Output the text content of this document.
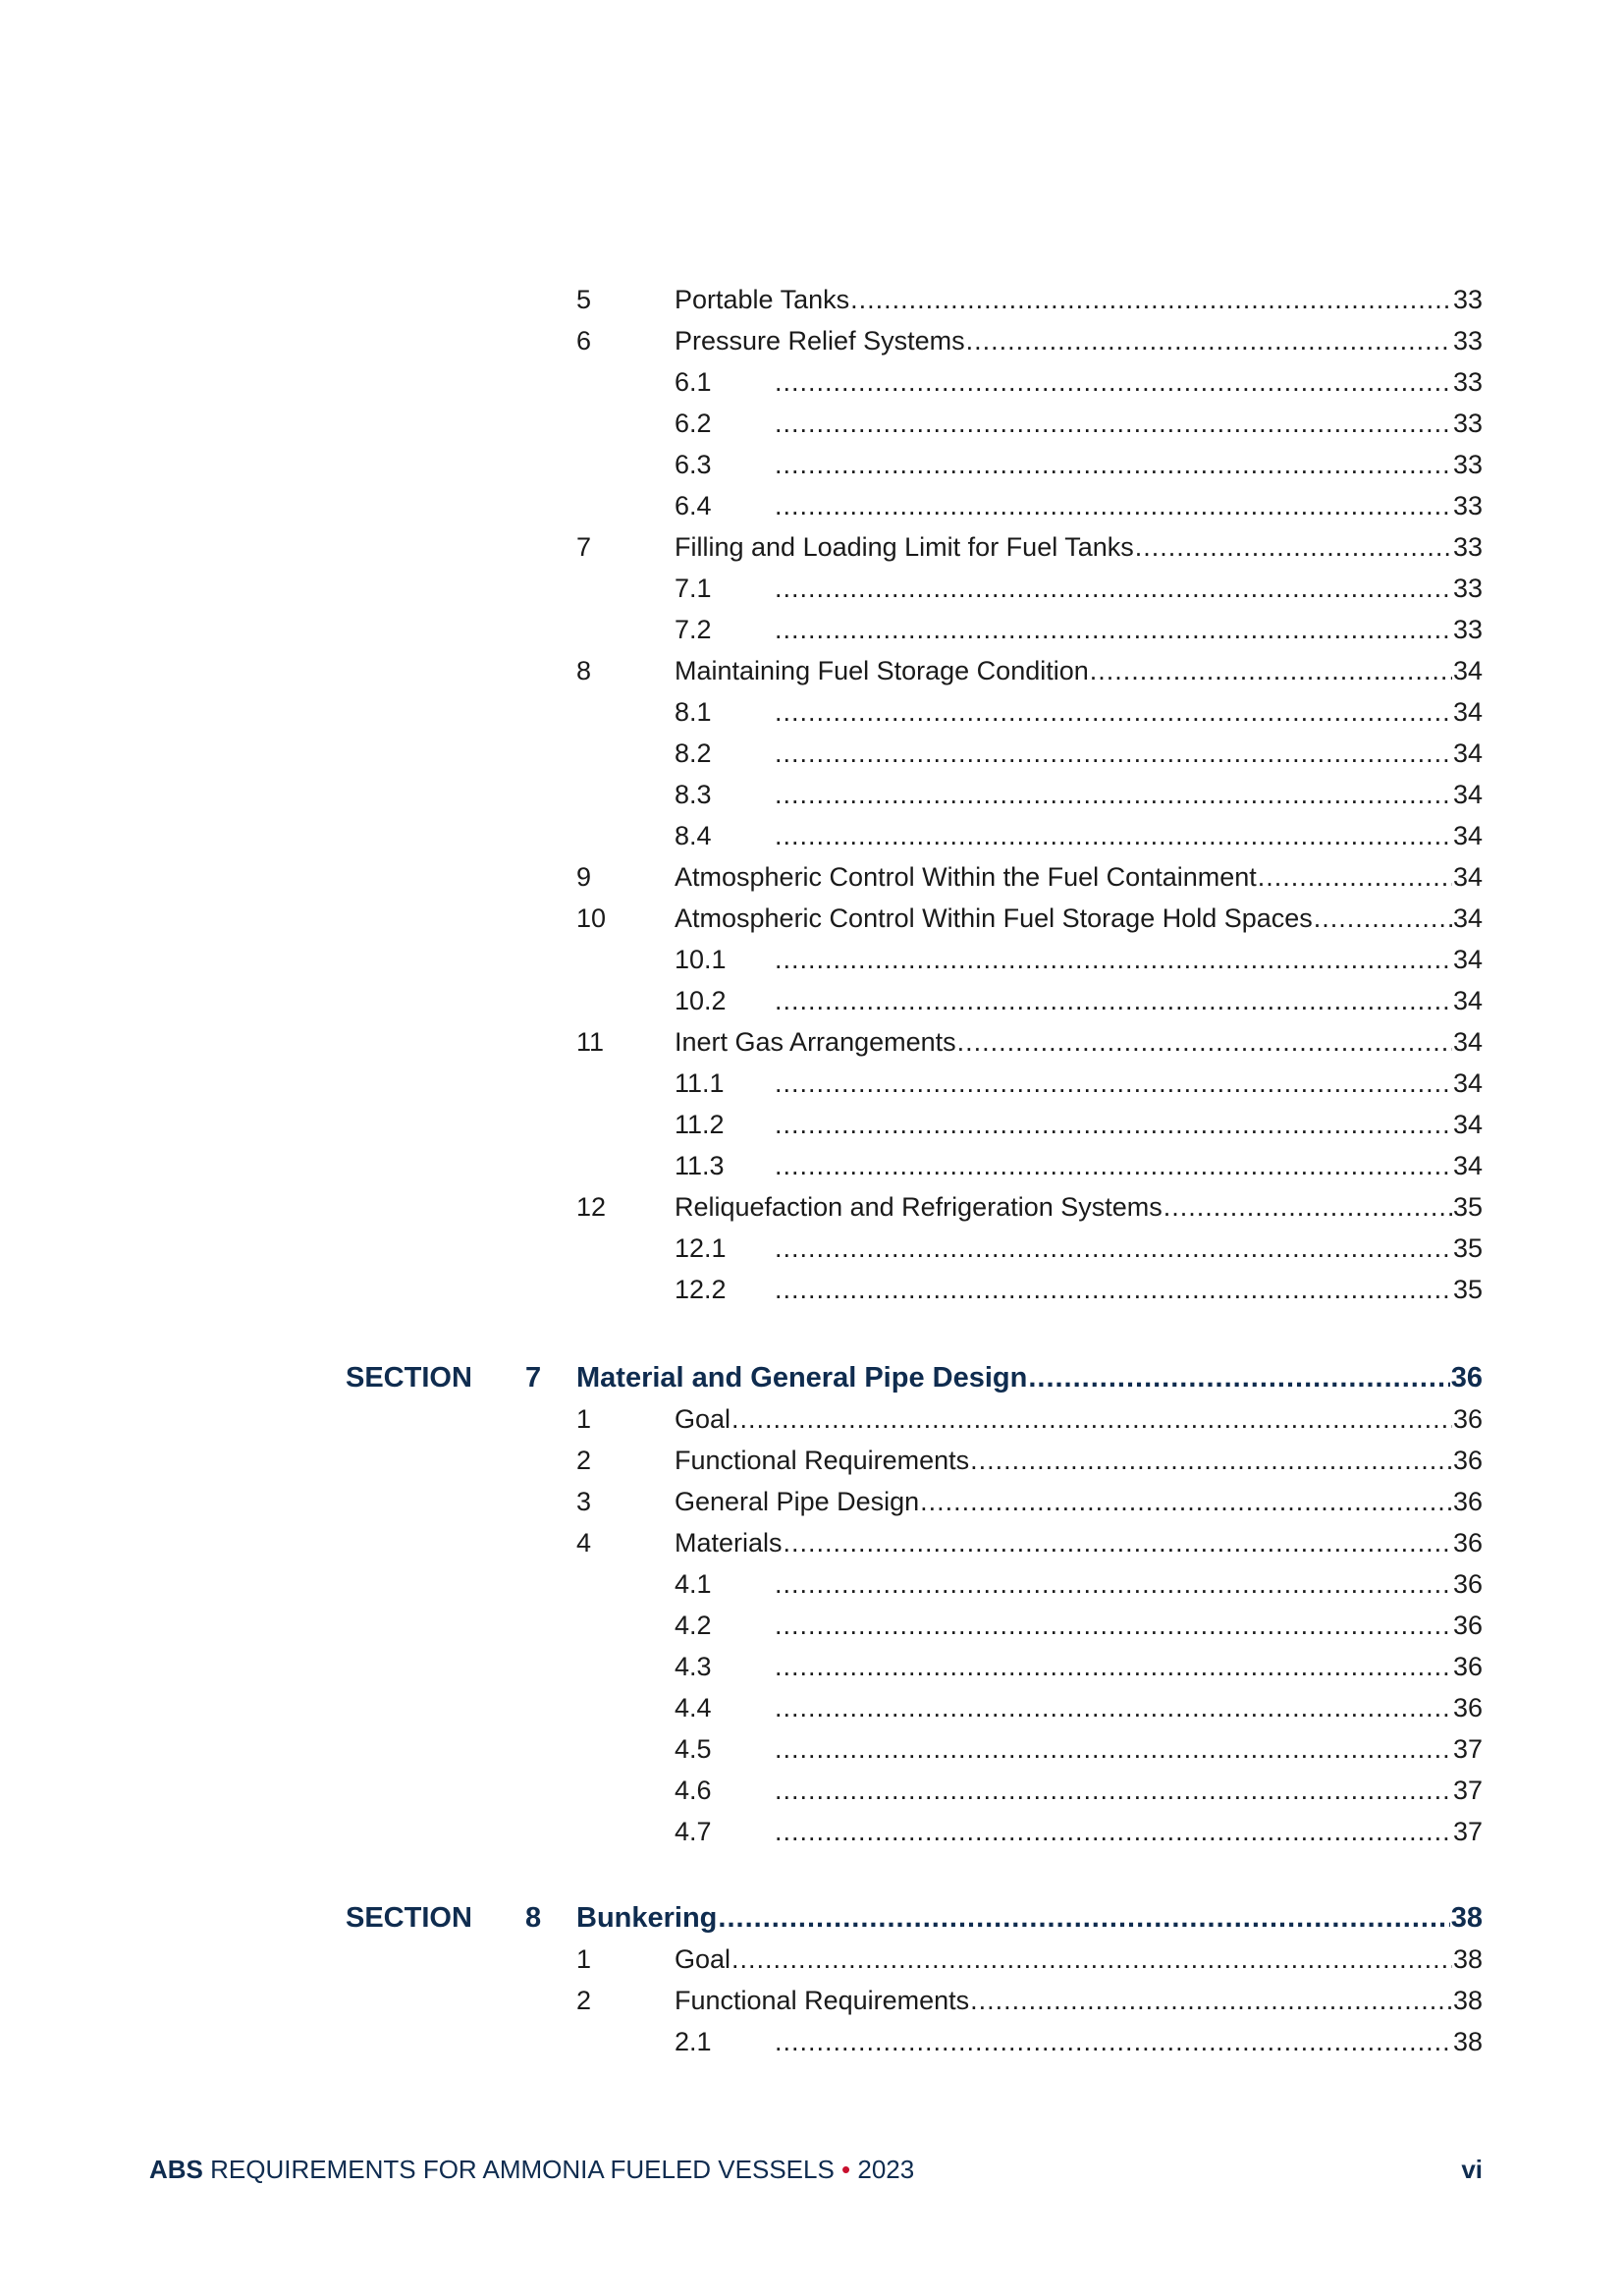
5	Portable Tanks .....	33
6	Pressure Relief Systems .....	33
6.1 .....	33
6.2 .....	33
6.3 .....	33
6.4 .....	33
7	Filling and Loading Limit for Fuel Tanks .....	33
7.1 .....	33
7.2 .....	33
8	Maintaining Fuel Storage Condition .....	34
8.1 .....	34
8.2 .....	34
8.3 .....	34
8.4 .....	34
9	Atmospheric Control Within the Fuel Containment .....	34
10	Atmospheric Control Within Fuel Storage Hold Spaces .....	34
10.1 .....	34
10.2 .....	34
11	Inert Gas Arrangements .....	34
11.1 .....	34
11.2 .....	34
11.3 .....	34
12	Reliquefaction and Refrigeration Systems .....	35
12.1 .....	35
12.2 .....	35
SECTION	7	Material and General Pipe Design .....	36
1	Goal .....	36
2	Functional Requirements .....	36
3	General Pipe Design .....	36
4	Materials .....	36
4.1 .....	36
4.2 .....	36
4.3 .....	36
4.4 .....	36
4.5 .....	37
4.6 .....	37
4.7 .....	37
SECTION	8	Bunkering .....	38
1	Goal .....	38
2	Functional Requirements .....	38
2.1 .....	38
ABS REQUIREMENTS FOR AMMONIA FUELED VESSELS • 2023	vi
